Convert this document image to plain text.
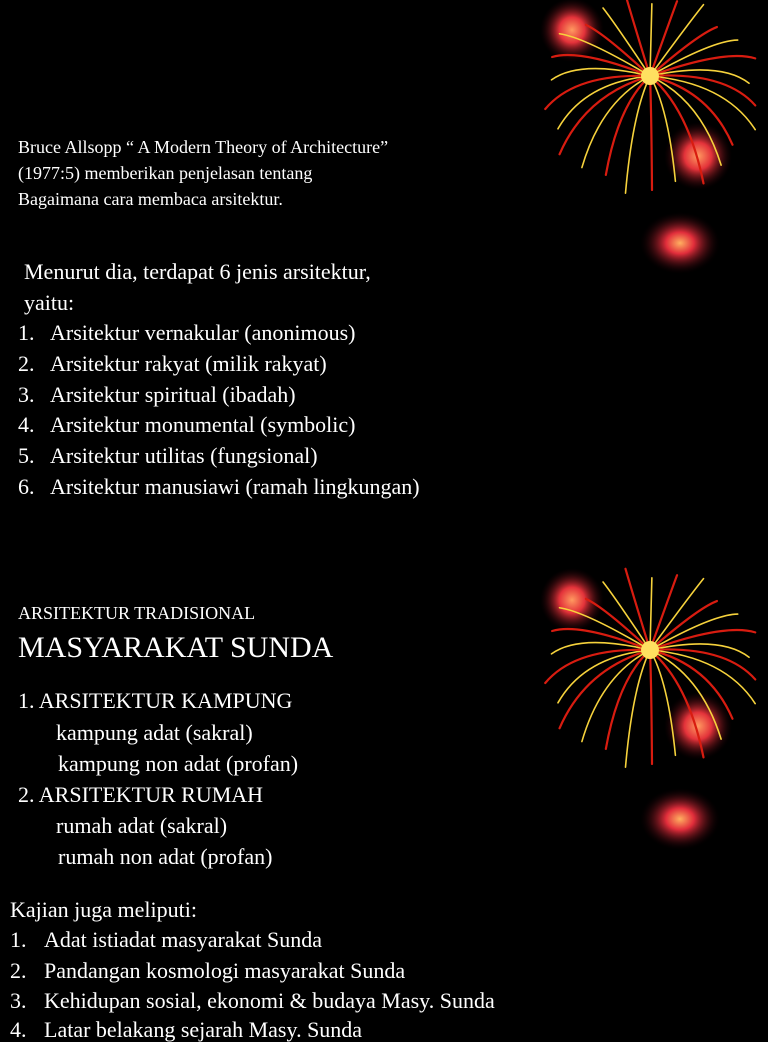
Bruce Allsopp “ A Modern Theory of Architecture”
(1977:5) memberikan penjelasan tentang
Bagaimana cara membaca arsitektur.
Menurut dia, terdapat 6 jenis arsitektur,
yaitu:
1. Arsitektur vernakular (anonimous)
2. Arsitektur rakyat (milik rakyat)
3. Arsitektur spiritual (ibadah)
4. Arsitektur monumental (symbolic)
5. Arsitektur utilitas (fungsional)
6. Arsitektur manusiawi (ramah lingkungan)
ARSITEKTUR TRADISIONAL
MASYARAKAT SUNDA
1. ARSITEKTUR KAMPUNG
kampung adat (sakral)
kampung non adat (profan)
2. ARSITEKTUR RUMAH
rumah adat (sakral)
rumah non adat (profan)
Kajian juga meliputi:
1. Adat istiadat masyarakat Sunda
2. Pandangan kosmologi masyarakat Sunda
3. Kehidupan sosial, ekonomi & budaya Masy. Sunda
4. Latar belakang sejarah Masy. Sunda
